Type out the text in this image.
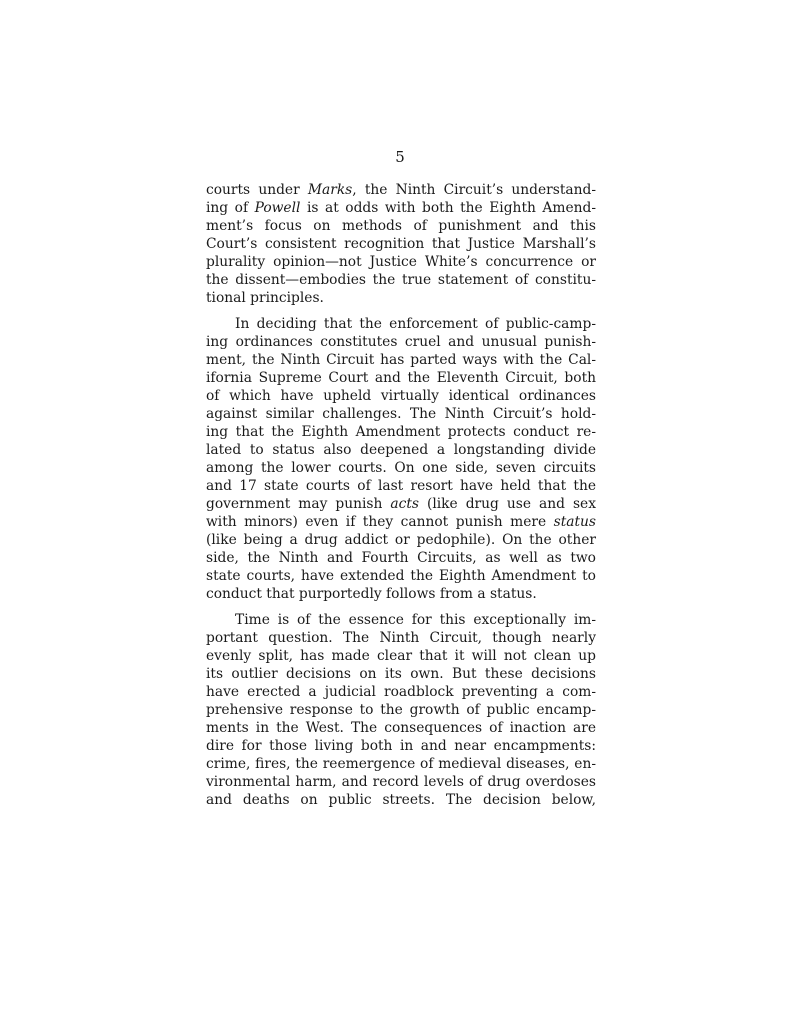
5
courts under Marks, the Ninth Circuit’s understand-
ing of Powell is at odds with both the Eighth Amend-
ment’s focus on methods of punishment and this
Court’s consistent recognition that Justice Marshall’s
plurality opinion—not Justice White’s concurrence or
the dissent—embodies the true statement of constitu-
tional principles.
In deciding that the enforcement of public-camp-
ing ordinances constitutes cruel and unusual punish-
ment, the Ninth Circuit has parted ways with the Cal-
ifornia Supreme Court and the Eleventh Circuit, both
of which have upheld virtually identical ordinances
against similar challenges. The Ninth Circuit’s hold-
ing that the Eighth Amendment protects conduct re-
lated to status also deepened a longstanding divide
among the lower courts. On one side, seven circuits
and 17 state courts of last resort have held that the
government may punish acts (like drug use and sex
with minors) even if they cannot punish mere status
(like being a drug addict or pedophile). On the other
side, the Ninth and Fourth Circuits, as well as two
state courts, have extended the Eighth Amendment to
conduct that purportedly follows from a status.
Time is of the essence for this exceptionally im-
portant question. The Ninth Circuit, though nearly
evenly split, has made clear that it will not clean up
its outlier decisions on its own. But these decisions
have erected a judicial roadblock preventing a com-
prehensive response to the growth of public encamp-
ments in the West. The consequences of inaction are
dire for those living both in and near encampments:
crime, fires, the reemergence of medieval diseases, en-
vironmental harm, and record levels of drug overdoses
and deaths on public streets. The decision below,
